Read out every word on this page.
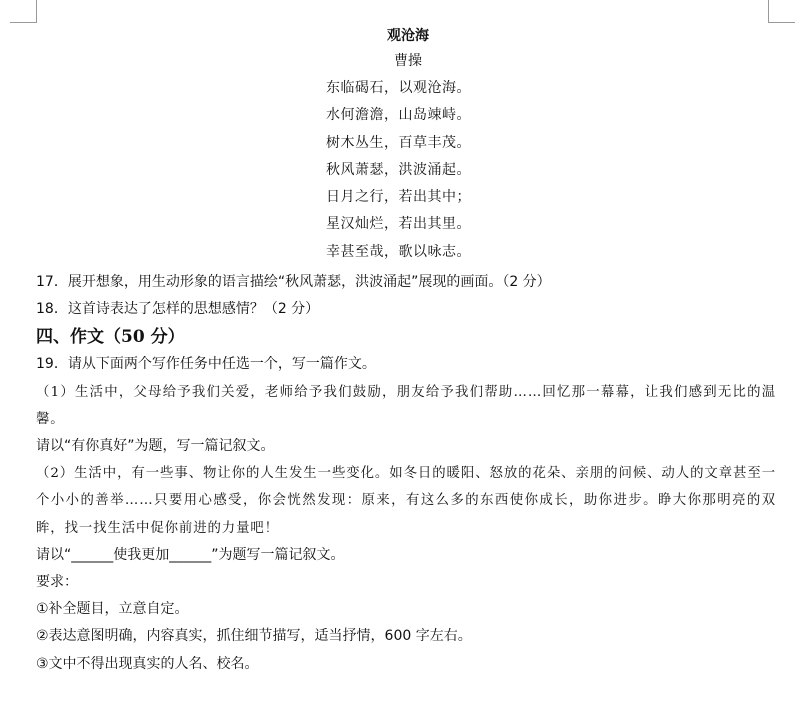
观沧海
曹操
东临碣石，以观沧海。
水何澹澹，山岛竦峙。
树木丛生，百草丰茂。
秋风萧瑟，洪波涌起。
日月之行，若出其中；
星汉灿烂，若出其里。
幸甚至哉，歌以咏志。
17．展开想象，用生动形象的语言描绘“秋风萧瑟，洪波涌起”展现的画面。（2 分）
18．这首诗表达了怎样的思想感情？（2 分）
四、作文（50 分）
19．请从下面两个写作任务中任选一个，写一篇作文。
（1）生活中，父母给予我们关爱，老师给予我们鼓励，朋友给予我们帮助……回忆那一幕幕，让我们感到无比的温馨。
请以“有你真好”为题，写一篇记叙文。
（2）生活中，有一些事、物让你的人生发生一些变化。如冬日的暖阳、怒放的花朵、亲朋的问候、动人的文章甚至一个小小的善举……只要用心感受，你会恍然发现：原来，有这么多的东西使你成长，助你进步。睁大你那明亮的双眸，找一找生活中促你前进的力量吧！
请以“______使我更加______”为题写一篇记叙文。
要求：
①补全题目，立意自定。
②表达意图明确，内容真实，抓住细节描写，适当抒情，600 字左右。
③文中不得出现真实的人名、校名。
